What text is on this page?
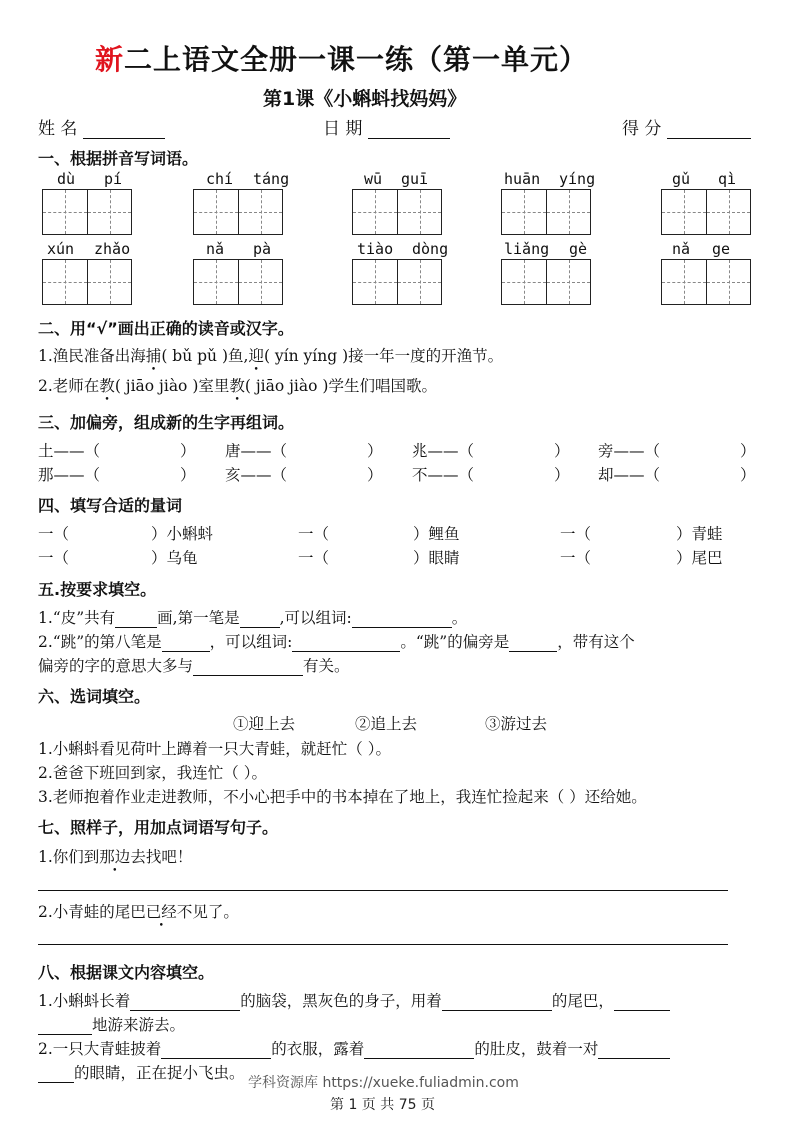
新二上语文全册一课一练（第一单元）
第1课《小蝌蚪找妈妈》
姓 名	日 期	得 分
一、根据拼音写词语。
dù pí	chí táng	wū guī	huān yíng	gǔ qì
xún zhǎo	nǎ pà	tiào dòng	liǎng gè	nǎ ge
二、用“√”画出正确的读音或汉字。
1.渔民准备出海捕( bǔ pǔ )鱼,迎( yín yíng )接一年一度的开渔节。
2.老师在教( jiāo jiào )室里教( jiāo jiào )学生们唱国歌。
三、加偏旁，组成新的生字再组词。
土——（	） 唐——（	） 兆——（	） 旁——（	）
那——（	） 亥——（	） 不——（	） 却——（	）
四、填写合适的量词
一（	）小蝌蚪	一（	）鲤鱼	一（	）青蛙
一（	）乌龟	一（	）眼睛	一（	）尾巴
五.按要求填空。
1.“皮”共有	画,第一笔是	,可以组词:	。
2.“跳”的第八笔是	，可以组词:	。“跳”的偏旁是	，带有这个
偏旁的字的意思大多与	有关。
六、选词填空。
①迎上去	②追上去	③游过去
1.小蝌蚪看见荷叶上蹲着一只大青蛙，就赶忙（ ）。
2.爸爸下班回到家，我连忙（ ）。
3.老师抱着作业走进教师，不小心把手中的书本掉在了地上，我连忙捡起来（ ）还给她。
七、照样子，用加点词语写句子。
1.你们到那边去找吧！
2.小青蛙的尾巴已经不见了。
八、根据课文内容填空。
1.小蝌蚪长着	的脑袋，黑灰色的身子，用着	的尾巴，
地游来游去。
2.一只大青蛙披着	的衣服，露着	的肚皮，鼓着一对
的眼睛，正在捉小飞虫。
学科资源库 https://xueke.fuliadmin.com
第 1 页 共 75 页
